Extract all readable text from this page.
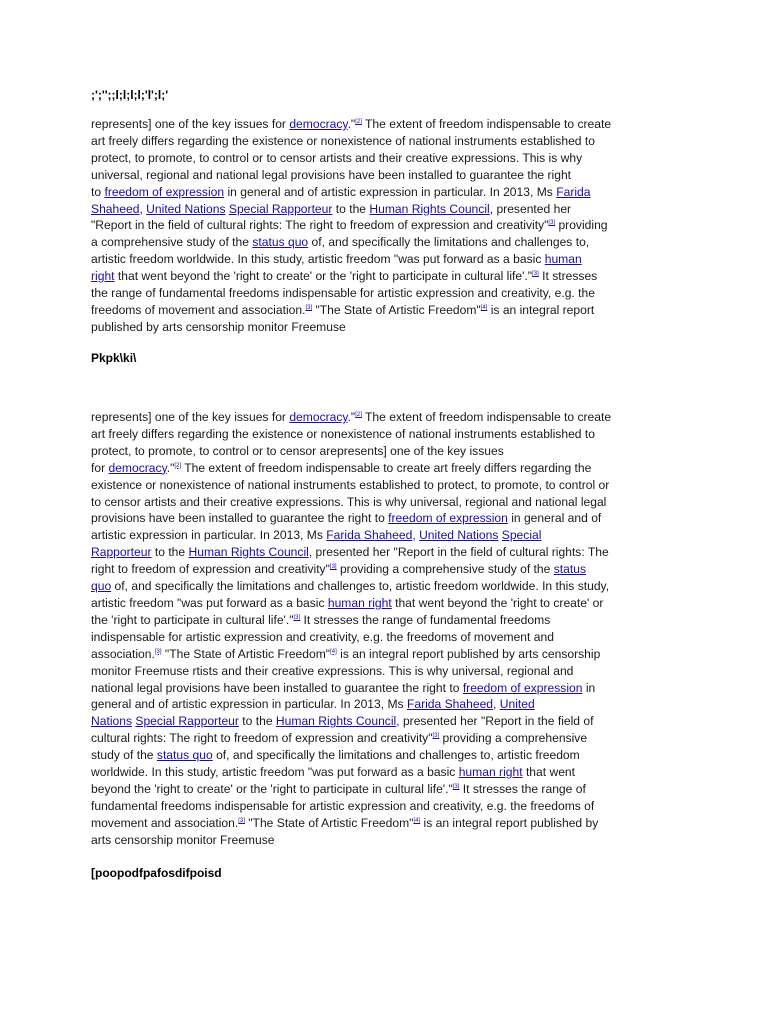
;';'';;l;l;l;l;'l';l;'
represents] one of the key issues for democracy."[2] The extent of freedom indispensable to create
art freely differs regarding the existence or nonexistence of national instruments established to
protect, to promote, to control or to censor artists and their creative expressions. This is why
universal, regional and national legal provisions have been installed to guarantee the right
to freedom of expression in general and of artistic expression in particular. In 2013, Ms Farida
Shaheed, United Nations Special Rapporteur to the Human Rights Council, presented her
"Report in the field of cultural rights: The right to freedom of expression and creativity"[3] providing
a comprehensive study of the status quo of, and specifically the limitations and challenges to,
artistic freedom worldwide. In this study, artistic freedom "was put forward as a basic human
right that went beyond the 'right to create' or the 'right to participate in cultural life'."[3] It stresses
the range of fundamental freedoms indispensable for artistic expression and creativity, e.g. the
freedoms of movement and association.[3] "The State of Artistic Freedom"[4] is an integral report
published by arts censorship monitor Freemuse
Pkpk\ki\
represents] one of the key issues for democracy."[2] The extent of freedom indispensable to create
art freely differs regarding the existence or nonexistence of national instruments established to
protect, to promote, to control or to censor arepresents] one of the key issues
for democracy."[2] The extent of freedom indispensable to create art freely differs regarding the
existence or nonexistence of national instruments established to protect, to promote, to control or
to censor artists and their creative expressions. This is why universal, regional and national legal
provisions have been installed to guarantee the right to freedom of expression in general and of
artistic expression in particular. In 2013, Ms Farida Shaheed, United Nations Special
Rapporteur to the Human Rights Council, presented her "Report in the field of cultural rights: The
right to freedom of expression and creativity"[3] providing a comprehensive study of the status
quo of, and specifically the limitations and challenges to, artistic freedom worldwide. In this study,
artistic freedom "was put forward as a basic human right that went beyond the 'right to create' or
the 'right to participate in cultural life'."[3] It stresses the range of fundamental freedoms
indispensable for artistic expression and creativity, e.g. the freedoms of movement and
association.[3] "The State of Artistic Freedom"[4] is an integral report published by arts censorship
monitor Freemuse rtists and their creative expressions. This is why universal, regional and
national legal provisions have been installed to guarantee the right to freedom of expression in
general and of artistic expression in particular. In 2013, Ms Farida Shaheed, United
Nations Special Rapporteur to the Human Rights Council, presented her "Report in the field of
cultural rights: The right to freedom of expression and creativity"[3] providing a comprehensive
study of the status quo of, and specifically the limitations and challenges to, artistic freedom
worldwide. In this study, artistic freedom "was put forward as a basic human right that went
beyond the 'right to create' or the 'right to participate in cultural life'."[3] It stresses the range of
fundamental freedoms indispensable for artistic expression and creativity, e.g. the freedoms of
movement and association.[3] "The State of Artistic Freedom"[4] is an integral report published by
arts censorship monitor Freemuse
[poopodfpafosdifpoisd
